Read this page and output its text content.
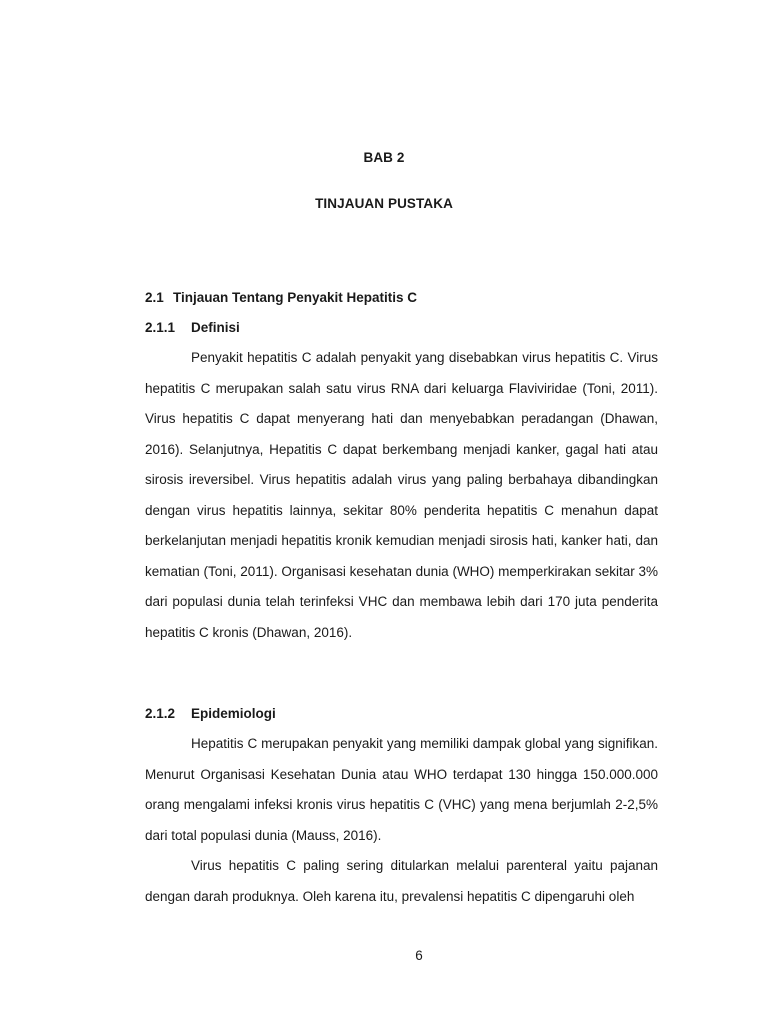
BAB 2
TINJAUAN PUSTAKA
2.1 Tinjauan Tentang Penyakit Hepatitis C
2.1.1 Definisi

Penyakit hepatitis C adalah penyakit yang disebabkan virus hepatitis C. Virus hepatitis C merupakan salah satu virus RNA dari keluarga Flaviviridae (Toni, 2011). Virus hepatitis C dapat menyerang hati dan menyebabkan peradangan (Dhawan, 2016). Selanjutnya, Hepatitis C dapat berkembang menjadi kanker, gagal hati atau sirosis ireversibel. Virus hepatitis adalah virus yang paling berbahaya dibandingkan dengan virus hepatitis lainnya, sekitar 80% penderita hepatitis C menahun dapat berkelanjutan menjadi hepatitis kronik kemudian menjadi sirosis hati, kanker hati, dan kematian (Toni, 2011). Organisasi kesehatan dunia (WHO) memperkirakan sekitar 3% dari populasi dunia telah terinfeksi VHC dan membawa lebih dari 170 juta penderita hepatitis C kronis (Dhawan, 2016).

2.1.2 Epidemiologi

Hepatitis C merupakan penyakit yang memiliki dampak global yang signifikan. Menurut Organisasi Kesehatan Dunia atau WHO terdapat 130 hingga 150.000.000 orang mengalami infeksi kronis virus hepatitis C (VHC) yang mena berjumlah 2-2,5% dari total populasi dunia (Mauss, 2016).

Virus hepatitis C paling sering ditularkan melalui parenteral yaitu pajanan dengan darah produknya. Oleh karena itu, prevalensi hepatitis C dipengaruhi oleh

6
